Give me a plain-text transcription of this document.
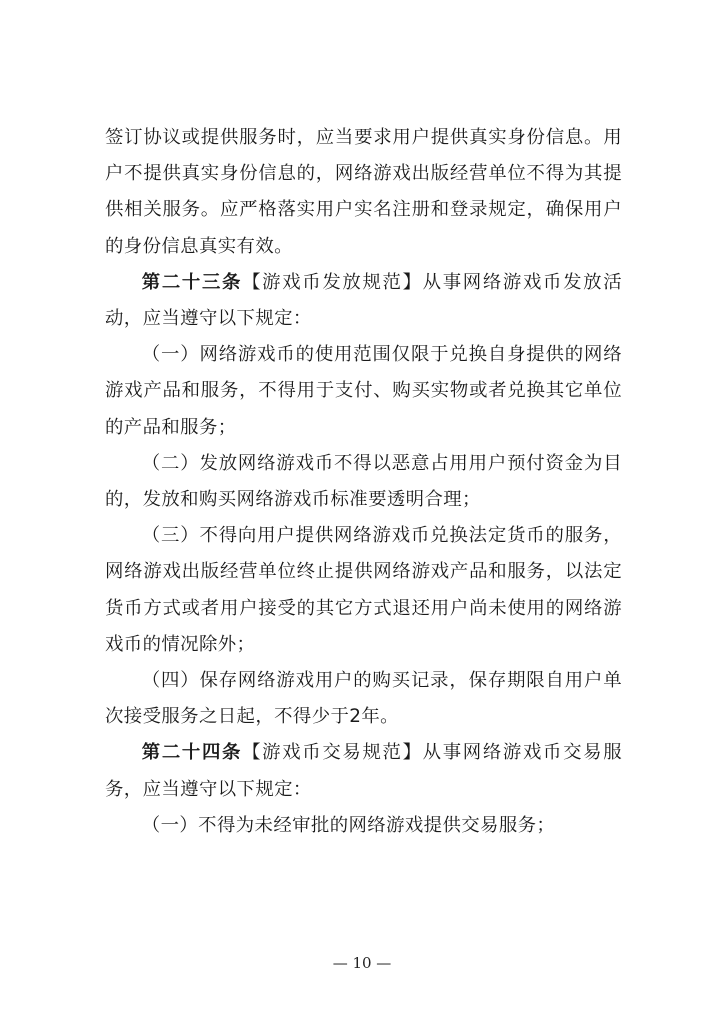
签订协议或提供服务时，应当要求用户提供真实身份信息。用户不提供真实身份信息的，网络游戏出版经营单位不得为其提供相关服务。应严格落实用户实名注册和登录规定，确保用户的身份信息真实有效。

第二十三条【游戏币发放规范】从事网络游戏币发放活动，应当遵守以下规定：

（一）网络游戏币的使用范围仅限于兑换自身提供的网络游戏产品和服务，不得用于支付、购买实物或者兑换其它单位的产品和服务；

（二）发放网络游戏币不得以恶意占用用户预付资金为目的，发放和购买网络游戏币标准要透明合理；

（三）不得向用户提供网络游戏币兑换法定货币的服务，网络游戏出版经营单位终止提供网络游戏产品和服务，以法定货币方式或者用户接受的其它方式退还用户尚未使用的网络游戏币的情况除外；

（四）保存网络游戏用户的购买记录，保存期限自用户单次接受服务之日起，不得少于2年。

第二十四条【游戏币交易规范】从事网络游戏币交易服务，应当遵守以下规定：

（一）不得为未经审批的网络游戏提供交易服务；

— 10 —
